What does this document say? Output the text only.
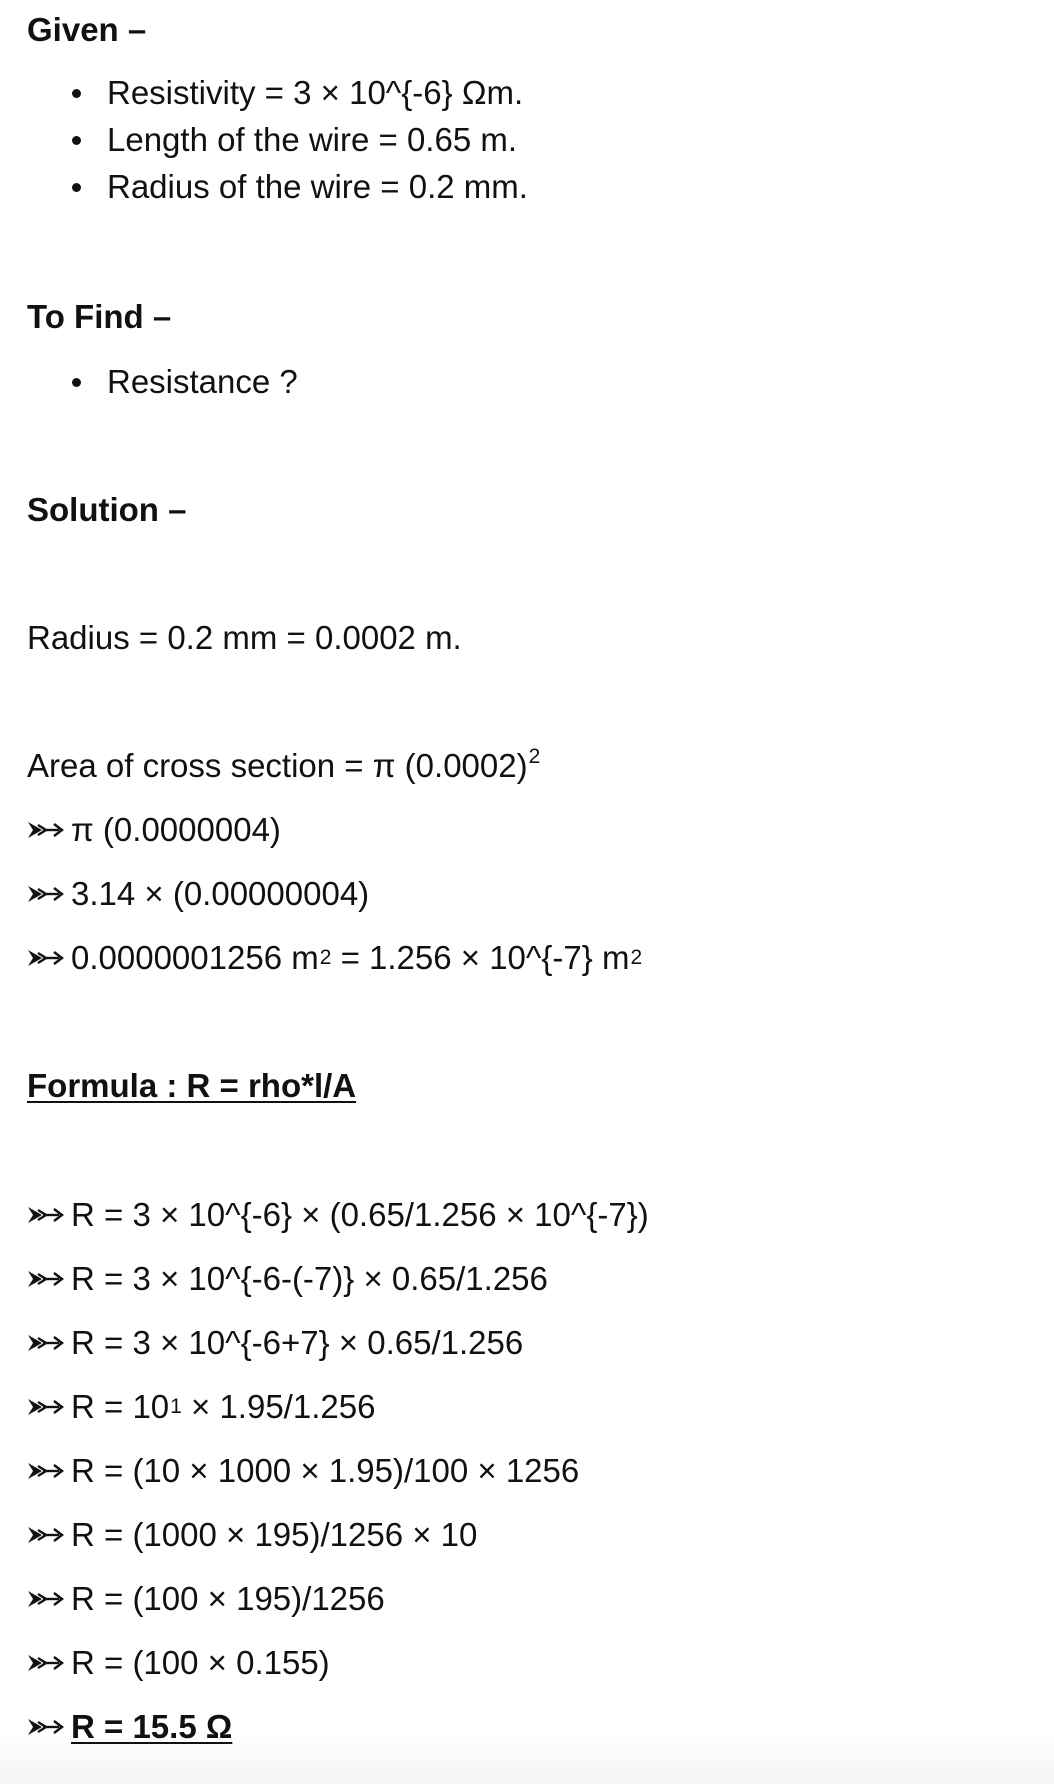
Given –
Resistivity = 3 × 10^{-6} Ωm.
Length of the wire = 0.65 m.
Radius of the wire = 0.2 mm.
To Find –
Resistance ?
Solution –
Radius = 0.2 mm = 0.0002 m.
Area of cross section = π $(0.0002)^2$
π (0.0000004)
3.14 × (0.00000004)
0.0000001256 m 2 = 1.256 × 10^{-7} m 2
Formula : R = rho*l/A
R = 3 × 10^{-6} × (0.65/1.256 × 10^{-7})
R = 3 × 10^{-6-(-7)} × 0.65/1.256
R = 3 × 10^{-6+7} × 0.65/1.256
R = 10 1 × 1.95/1.256
R = (10 × 1000 × 1.95)/100 × 1256
R = (1000 × 195)/1256 × 10
R = (100 × 195)/1256
R = (100 × 0.155)
R = 15.5 Ω
